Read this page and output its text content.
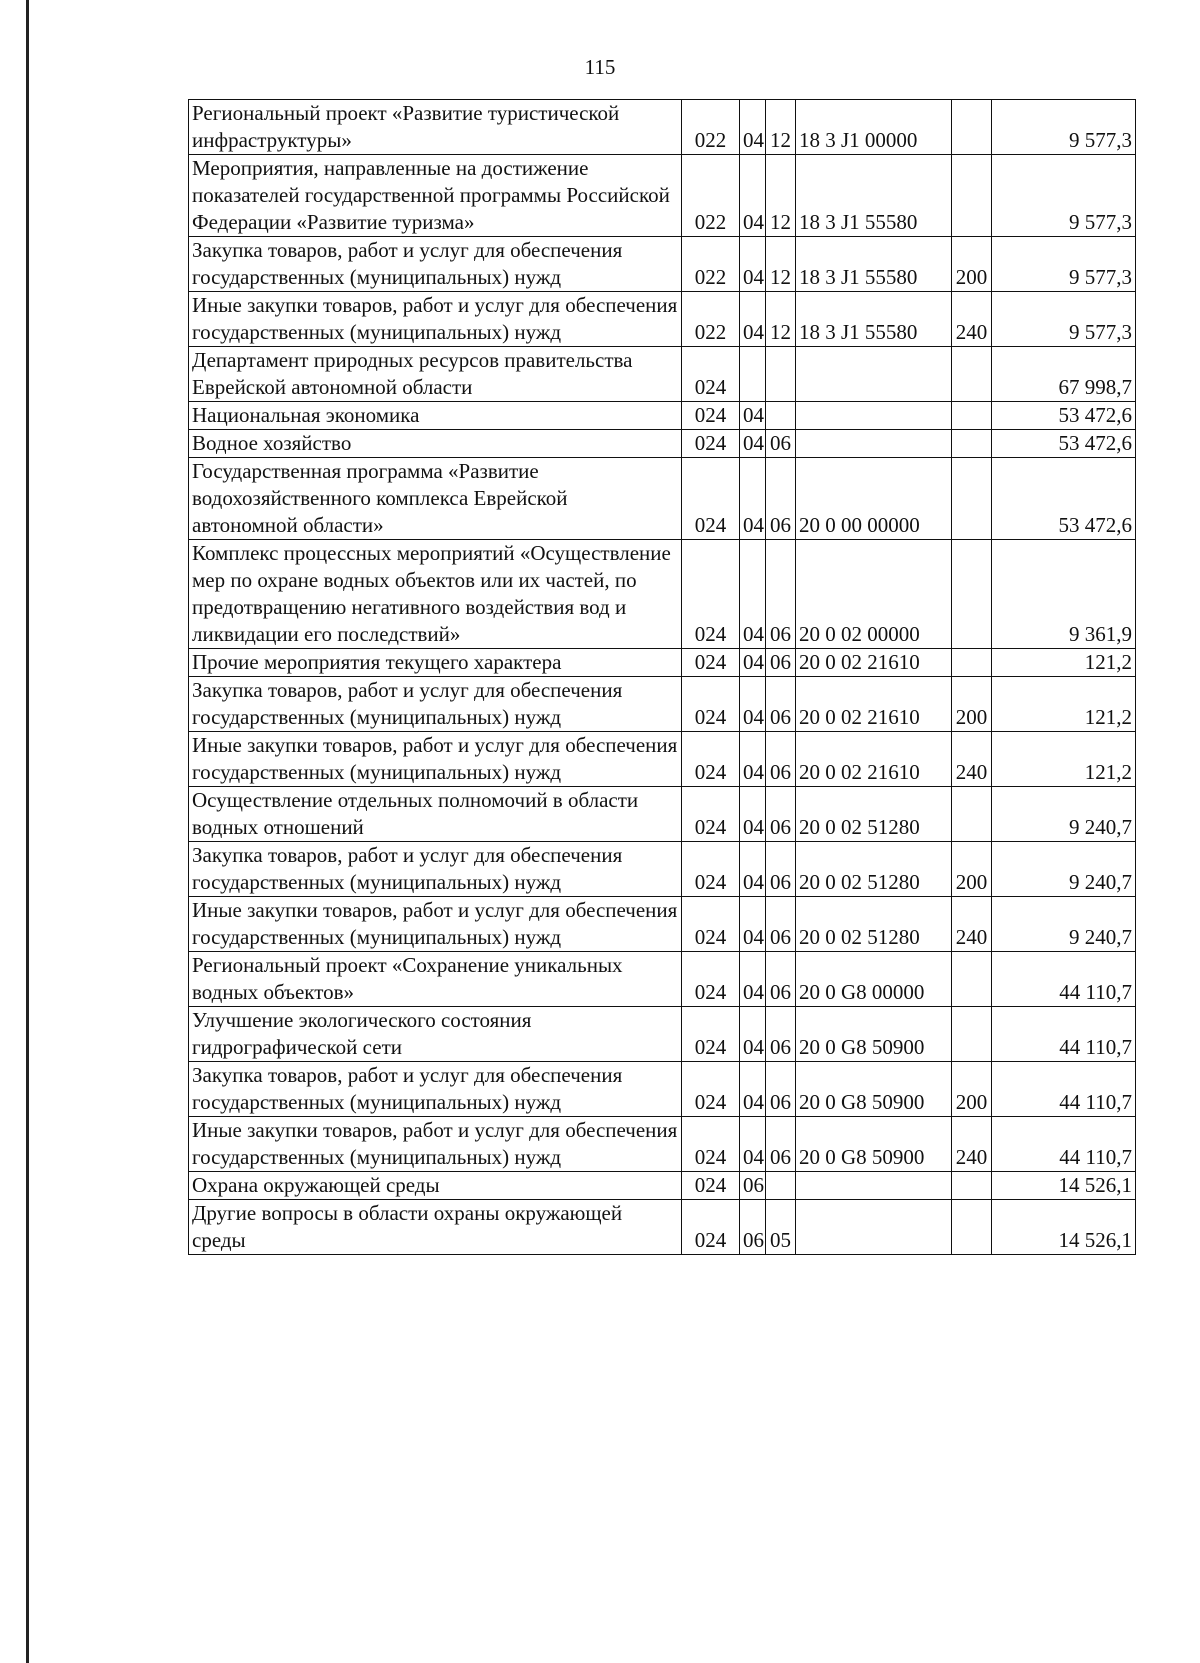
115
Региональный проект «Развитие туристической инфраструктуры»	022	04	12	18 3 J1 00000		9 577,3
Мероприятия, направленные на достижение показателей государственной программы Российской Федерации «Развитие туризма»	022	04	12	18 3 J1 55580		9 577,3
Закупка товаров, работ и услуг для обеспечения государственных (муниципальных) нужд	022	04	12	18 3 J1 55580	200	9 577,3
Иные закупки товаров, работ и услуг для обеспечения государственных (муниципальных) нужд	022	04	12	18 3 J1 55580	240	9 577,3
Департамент природных ресурсов правительства Еврейской автономной области	024					67 998,7
Национальная экономика	024	04				53 472,6
Водное хозяйство	024	04	06			53 472,6
Государственная программа «Развитие водохозяйственного комплекса Еврейской автономной области»	024	04	06	20 0 00 00000		53 472,6
Комплекс процессных мероприятий «Осуществление мер по охране водных объектов или их частей, по предотвращению негативного воздействия вод и ликвидации его последствий»	024	04	06	20 0 02 00000		9 361,9
Прочие мероприятия текущего характера	024	04	06	20 0 02 21610		121,2
Закупка товаров, работ и услуг для обеспечения государственных (муниципальных) нужд	024	04	06	20 0 02 21610	200	121,2
Иные закупки товаров, работ и услуг для обеспечения государственных (муниципальных) нужд	024	04	06	20 0 02 21610	240	121,2
Осуществление отдельных полномочий в области водных отношений	024	04	06	20 0 02 51280		9 240,7
Закупка товаров, работ и услуг для обеспечения государственных (муниципальных) нужд	024	04	06	20 0 02 51280	200	9 240,7
Иные закупки товаров, работ и услуг для обеспечения государственных (муниципальных) нужд	024	04	06	20 0 02 51280	240	9 240,7
Региональный проект «Сохранение уникальных водных объектов»	024	04	06	20 0 G8 00000		44 110,7
Улучшение экологического состояния гидрографической сети	024	04	06	20 0 G8 50900		44 110,7
Закупка товаров, работ и услуг для обеспечения государственных (муниципальных) нужд	024	04	06	20 0 G8 50900	200	44 110,7
Иные закупки товаров, работ и услуг для обеспечения государственных (муниципальных) нужд	024	04	06	20 0 G8 50900	240	44 110,7
Охрана окружающей среды	024	06				14 526,1
Другие вопросы в области охраны окружающей среды	024	06	05			14 526,1
